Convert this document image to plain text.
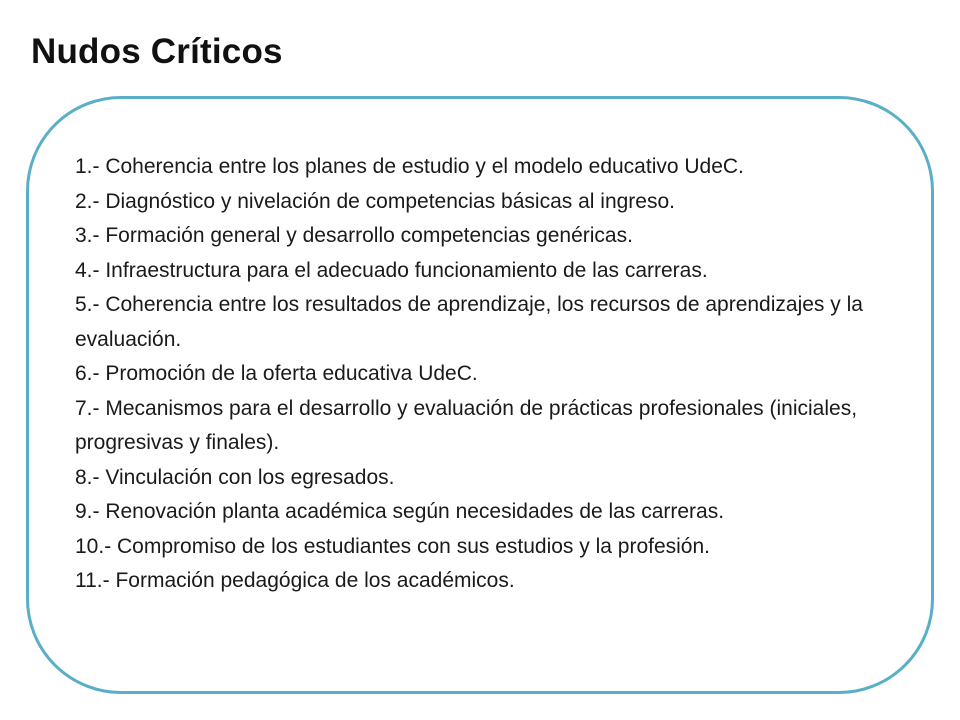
Nudos Críticos
1.- Coherencia entre los planes de estudio y el modelo educativo UdeC.
2.- Diagnóstico y nivelación de competencias básicas al ingreso.
3.- Formación general y desarrollo competencias genéricas.
4.- Infraestructura para el adecuado funcionamiento de las carreras.
5.- Coherencia entre los resultados de aprendizaje, los recursos de aprendizajes y la evaluación.
6.- Promoción de la oferta educativa UdeC.
7.- Mecanismos para el desarrollo y evaluación de prácticas profesionales (iniciales, progresivas y finales).
8.- Vinculación con los egresados.
9.- Renovación planta académica según necesidades de las carreras.
10.- Compromiso de los estudiantes con sus estudios y la profesión.
11.- Formación pedagógica de los académicos.
